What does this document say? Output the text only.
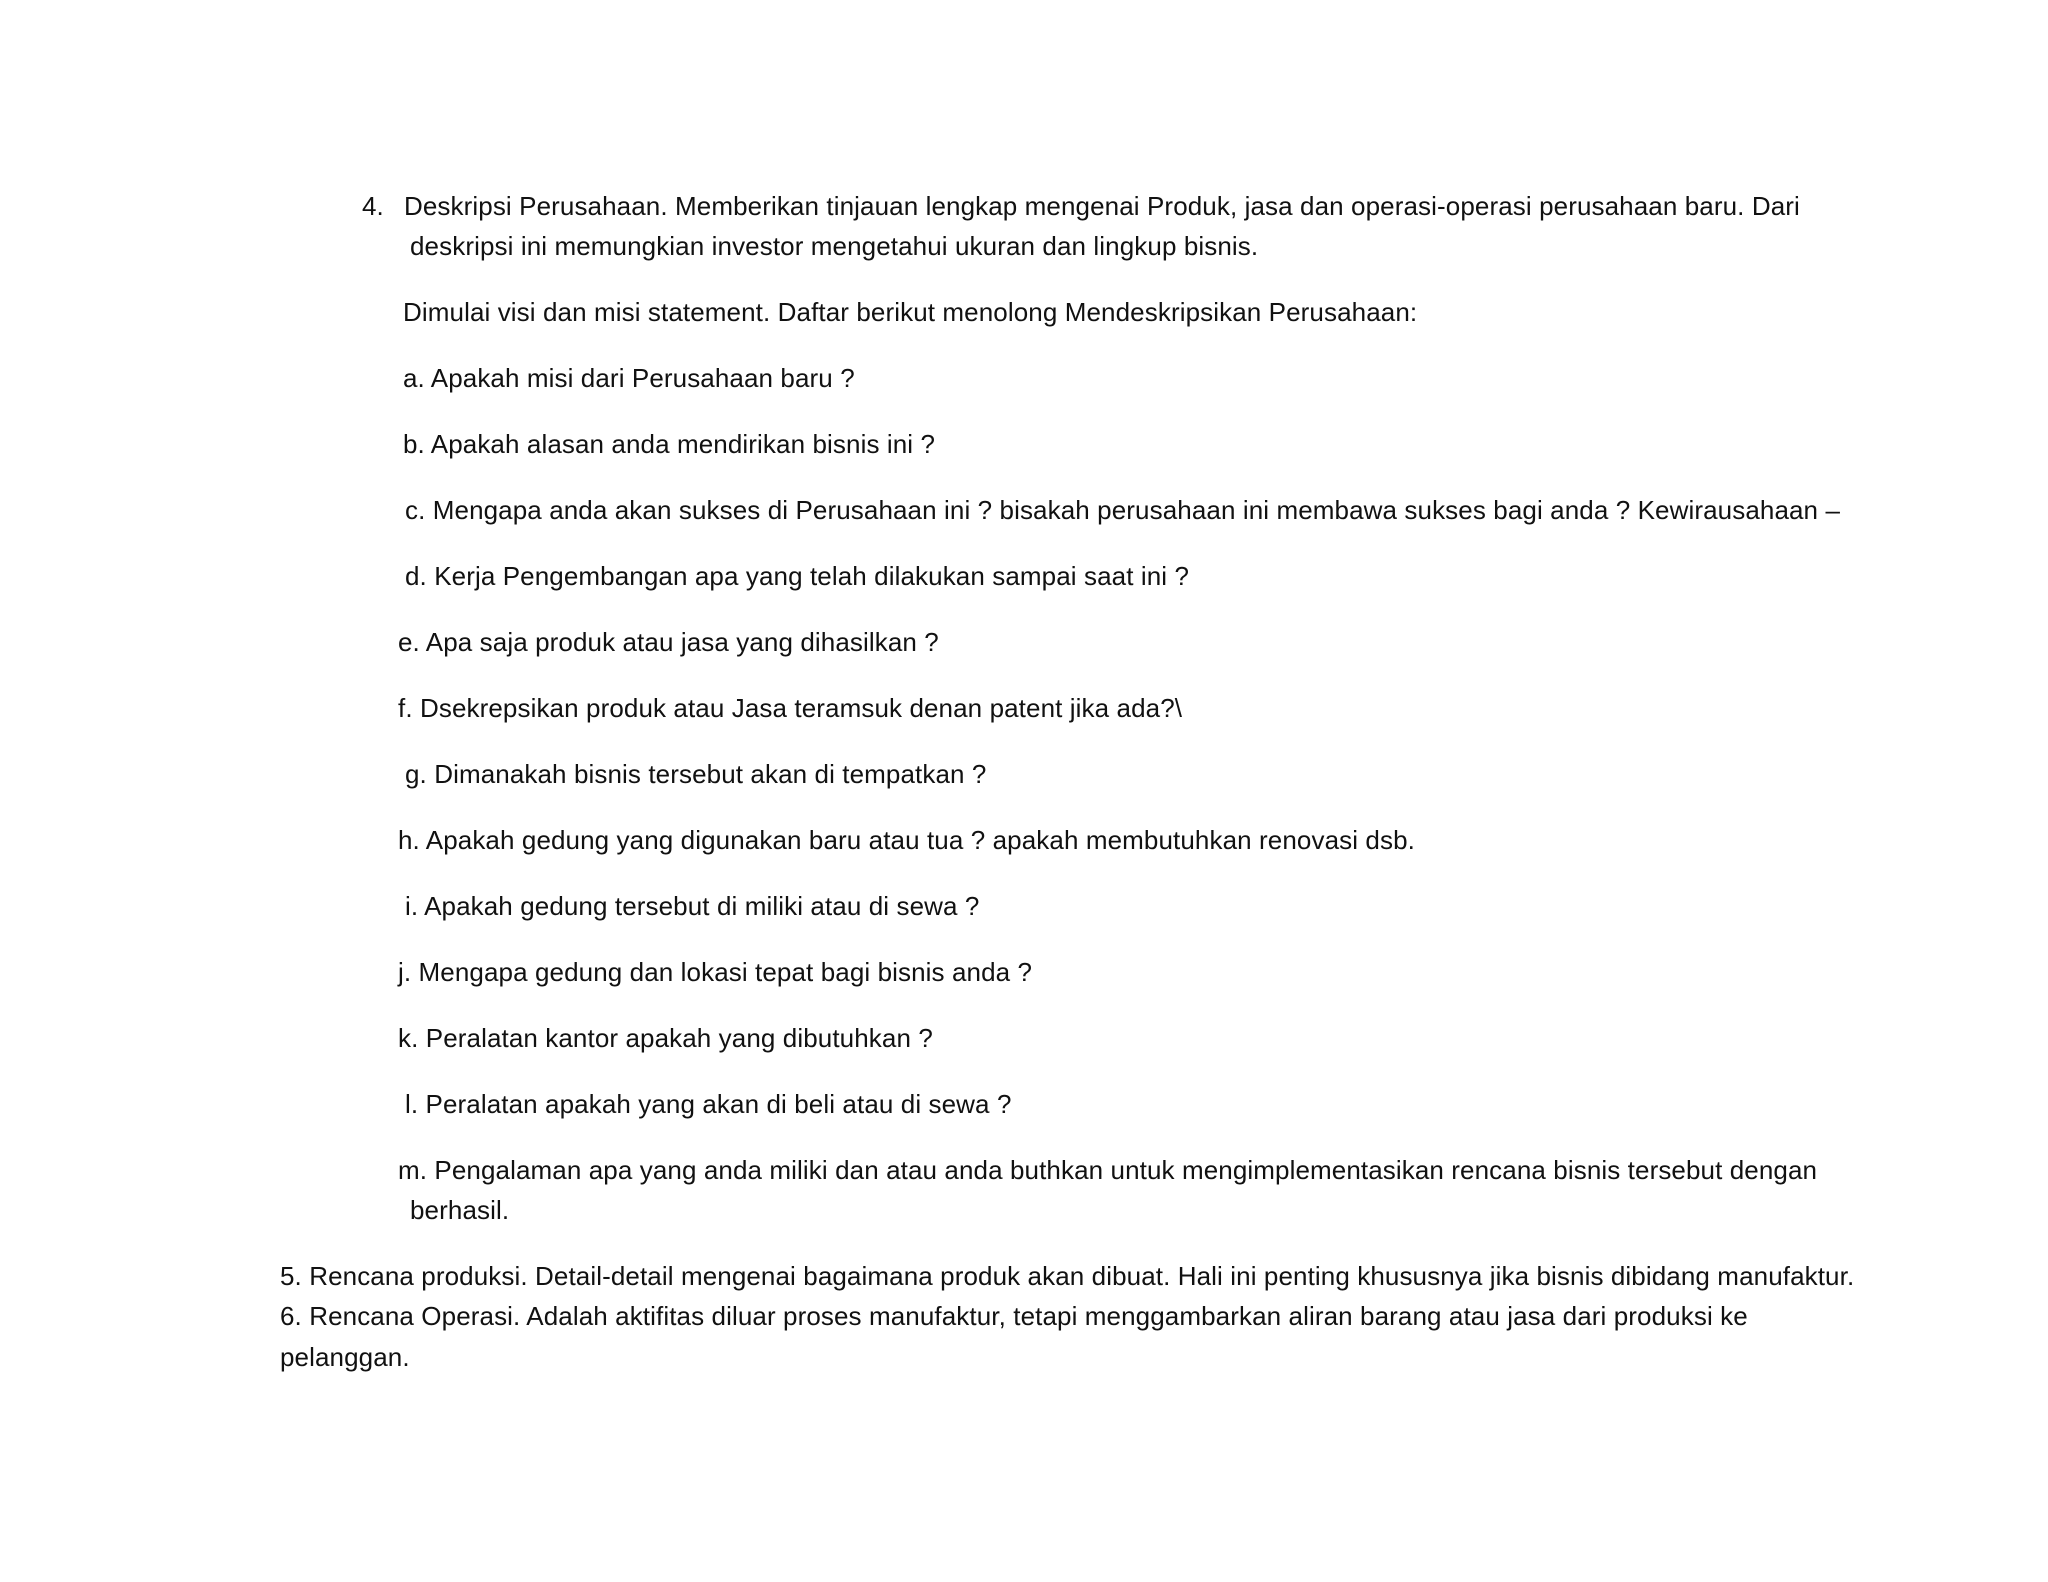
4. Deskripsi Perusahaan. Memberikan tinjauan lengkap mengenai Produk, jasa dan operasi-operasi perusahaan baru. Dari
deskripsi ini memungkian investor mengetahui ukuran dan lingkup bisnis.
Dimulai visi dan misi statement. Daftar berikut menolong Mendeskripsikan Perusahaan:
a. Apakah misi dari Perusahaan baru ?
b. Apakah alasan anda mendirikan bisnis ini ?
c. Mengapa anda akan sukses di Perusahaan ini ? bisakah perusahaan ini membawa sukses bagi anda ? Kewirausahaan –
d. Kerja Pengembangan apa yang telah dilakukan sampai saat ini ?
e. Apa saja produk atau jasa yang dihasilkan ?
f. Dsekrepsikan produk atau Jasa teramsuk denan patent jika ada?\
g. Dimanakah bisnis tersebut akan di tempatkan ?
h. Apakah gedung yang digunakan baru atau tua ? apakah membutuhkan renovasi dsb.
i. Apakah gedung tersebut di miliki atau di sewa ?
j. Mengapa gedung dan lokasi tepat bagi bisnis anda ?
k. Peralatan kantor apakah yang dibutuhkan ?
l. Peralatan apakah yang akan di beli atau di sewa ?
m. Pengalaman apa yang anda miliki dan atau anda buthkan untuk mengimplementasikan rencana bisnis tersebut dengan
berhasil.
5. Rencana produksi. Detail-detail mengenai bagaimana produk akan dibuat. Hali ini penting khususnya jika bisnis dibidang manufaktur.
6. Rencana Operasi. Adalah aktifitas diluar proses manufaktur, tetapi menggambarkan aliran barang atau jasa dari produksi ke
pelanggan.
